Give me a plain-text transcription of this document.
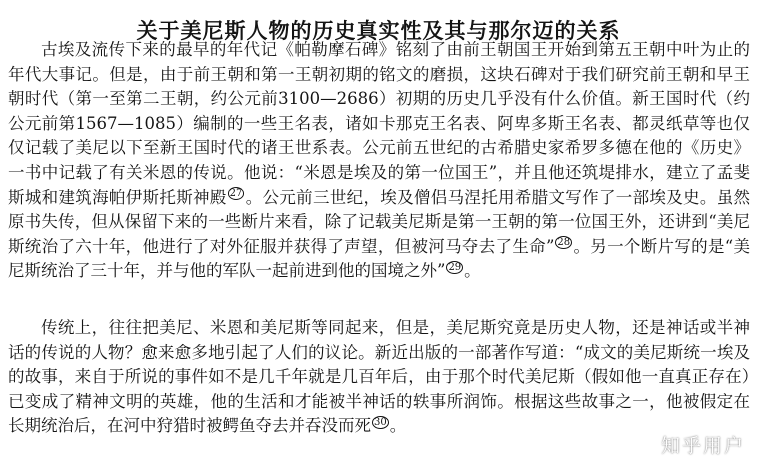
关于美尼斯人物的历史真实性及其与那尔迈的关系

古埃及流传下来的最早的年代记《帕勒摩石碑》铭刻了由前王朝国王开始到第五王朝中叶为止的年代大事记。但是，由于前王朝和第一王朝初期的铭文的磨损，这块石碑对于我们研究前王朝和早王朝时代（第一至第二王朝，约公元前3100—2686）初期的历史几乎没有什么价值。新王国时代（约公元前第1567—1085）编制的一些王名表，诸如卡那克王名表、阿卑多斯王名表、都灵纸草等也仅仅记载了美尼以下至新王国时代的诸王世系表。公元前五世纪的古希腊史家希罗多德在他的《历史》一书中记载了有关米恩的传说。他说：“米恩是埃及的第一位国王”，并且他还筑堤排水，建立了孟斐斯城和建筑海帕伊斯托斯神殿 $^{27}$ 。公元前三世纪，埃及僧侣马涅托用希腊文写作了一部埃及史。虽然原书失传，但从保留下来的一些断片来看，除了记载美尼斯是第一王朝的第一位国王外，还讲到“美尼斯统治了六十年，他进行了对外征服并获得了声望，但被河马夺去了生命” $^{28}$ 。另一个断片写的是“美尼斯统治了三十年，并与他的军队一起前进到他的国境之外” $^{29}$ 。

传统上，往往把美尼、米恩和美尼斯等同起来，但是，美尼斯究竟是历史人物，还是神话或半神话的传说的人物？愈来愈多地引起了人们的议论。新近出版的一部著作写道：“成文的美尼斯统一埃及的故事，来自于所说的事件如不是几千年就是几百年后，由于那个时代美尼斯（假如他一直真正存在）已变成了精神文明的英雄，他的生活和才能被半神话的轶事所润饰。根据这些故事之一，他被假定在长期统治后，在河中狩猎时被鳄鱼夺去并吞没而死 $^{30}$ 。

知乎用户
